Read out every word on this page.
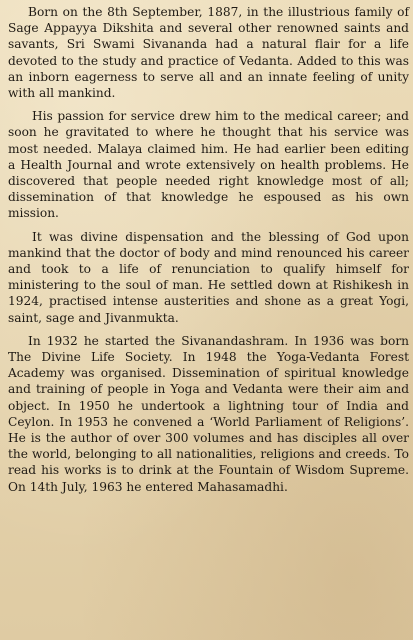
Born on the 8th September, 1887, in the illustrious family of Sage Appayya Dikshita and several other renowned saints and savants, Sri Swami Sivananda had a natural flair for a life devoted to the study and practice of Vedanta. Added to this was an inborn eagerness to serve all and an innate feeling of unity with all mankind.

His passion for service drew him to the medical career; and soon he gravitated to where he thought that his service was most needed. Malaya claimed him. He had earlier been editing a Health Journal and wrote extensively on health problems. He discovered that people needed right knowledge most of all; dissemination of that knowledge he espoused as his own mission.

It was divine dispensation and the blessing of God upon mankind that the doctor of body and mind renounced his career and took to a life of renunciation to qualify himself for ministering to the soul of man. He settled down at Rishikesh in 1924, practised intense austerities and shone as a great Yogi, saint, sage and Jivanmukta.

In 1932 he started the Sivanandashram. In 1936 was born The Divine Life Society. In 1948 the Yoga-Vedanta Forest Academy was organised. Dissemination of spiritual knowledge and training of people in Yoga and Vedanta were their aim and object. In 1950 he undertook a lightning tour of India and Ceylon. In 1953 he convened a ‘World Parliament of Religions’. He is the author of over 300 volumes and has disciples all over the world, belonging to all nationalities, religions and creeds. To read his works is to drink at the Fountain of Wisdom Supreme. On 14th July, 1963 he entered Mahasamadhi.
